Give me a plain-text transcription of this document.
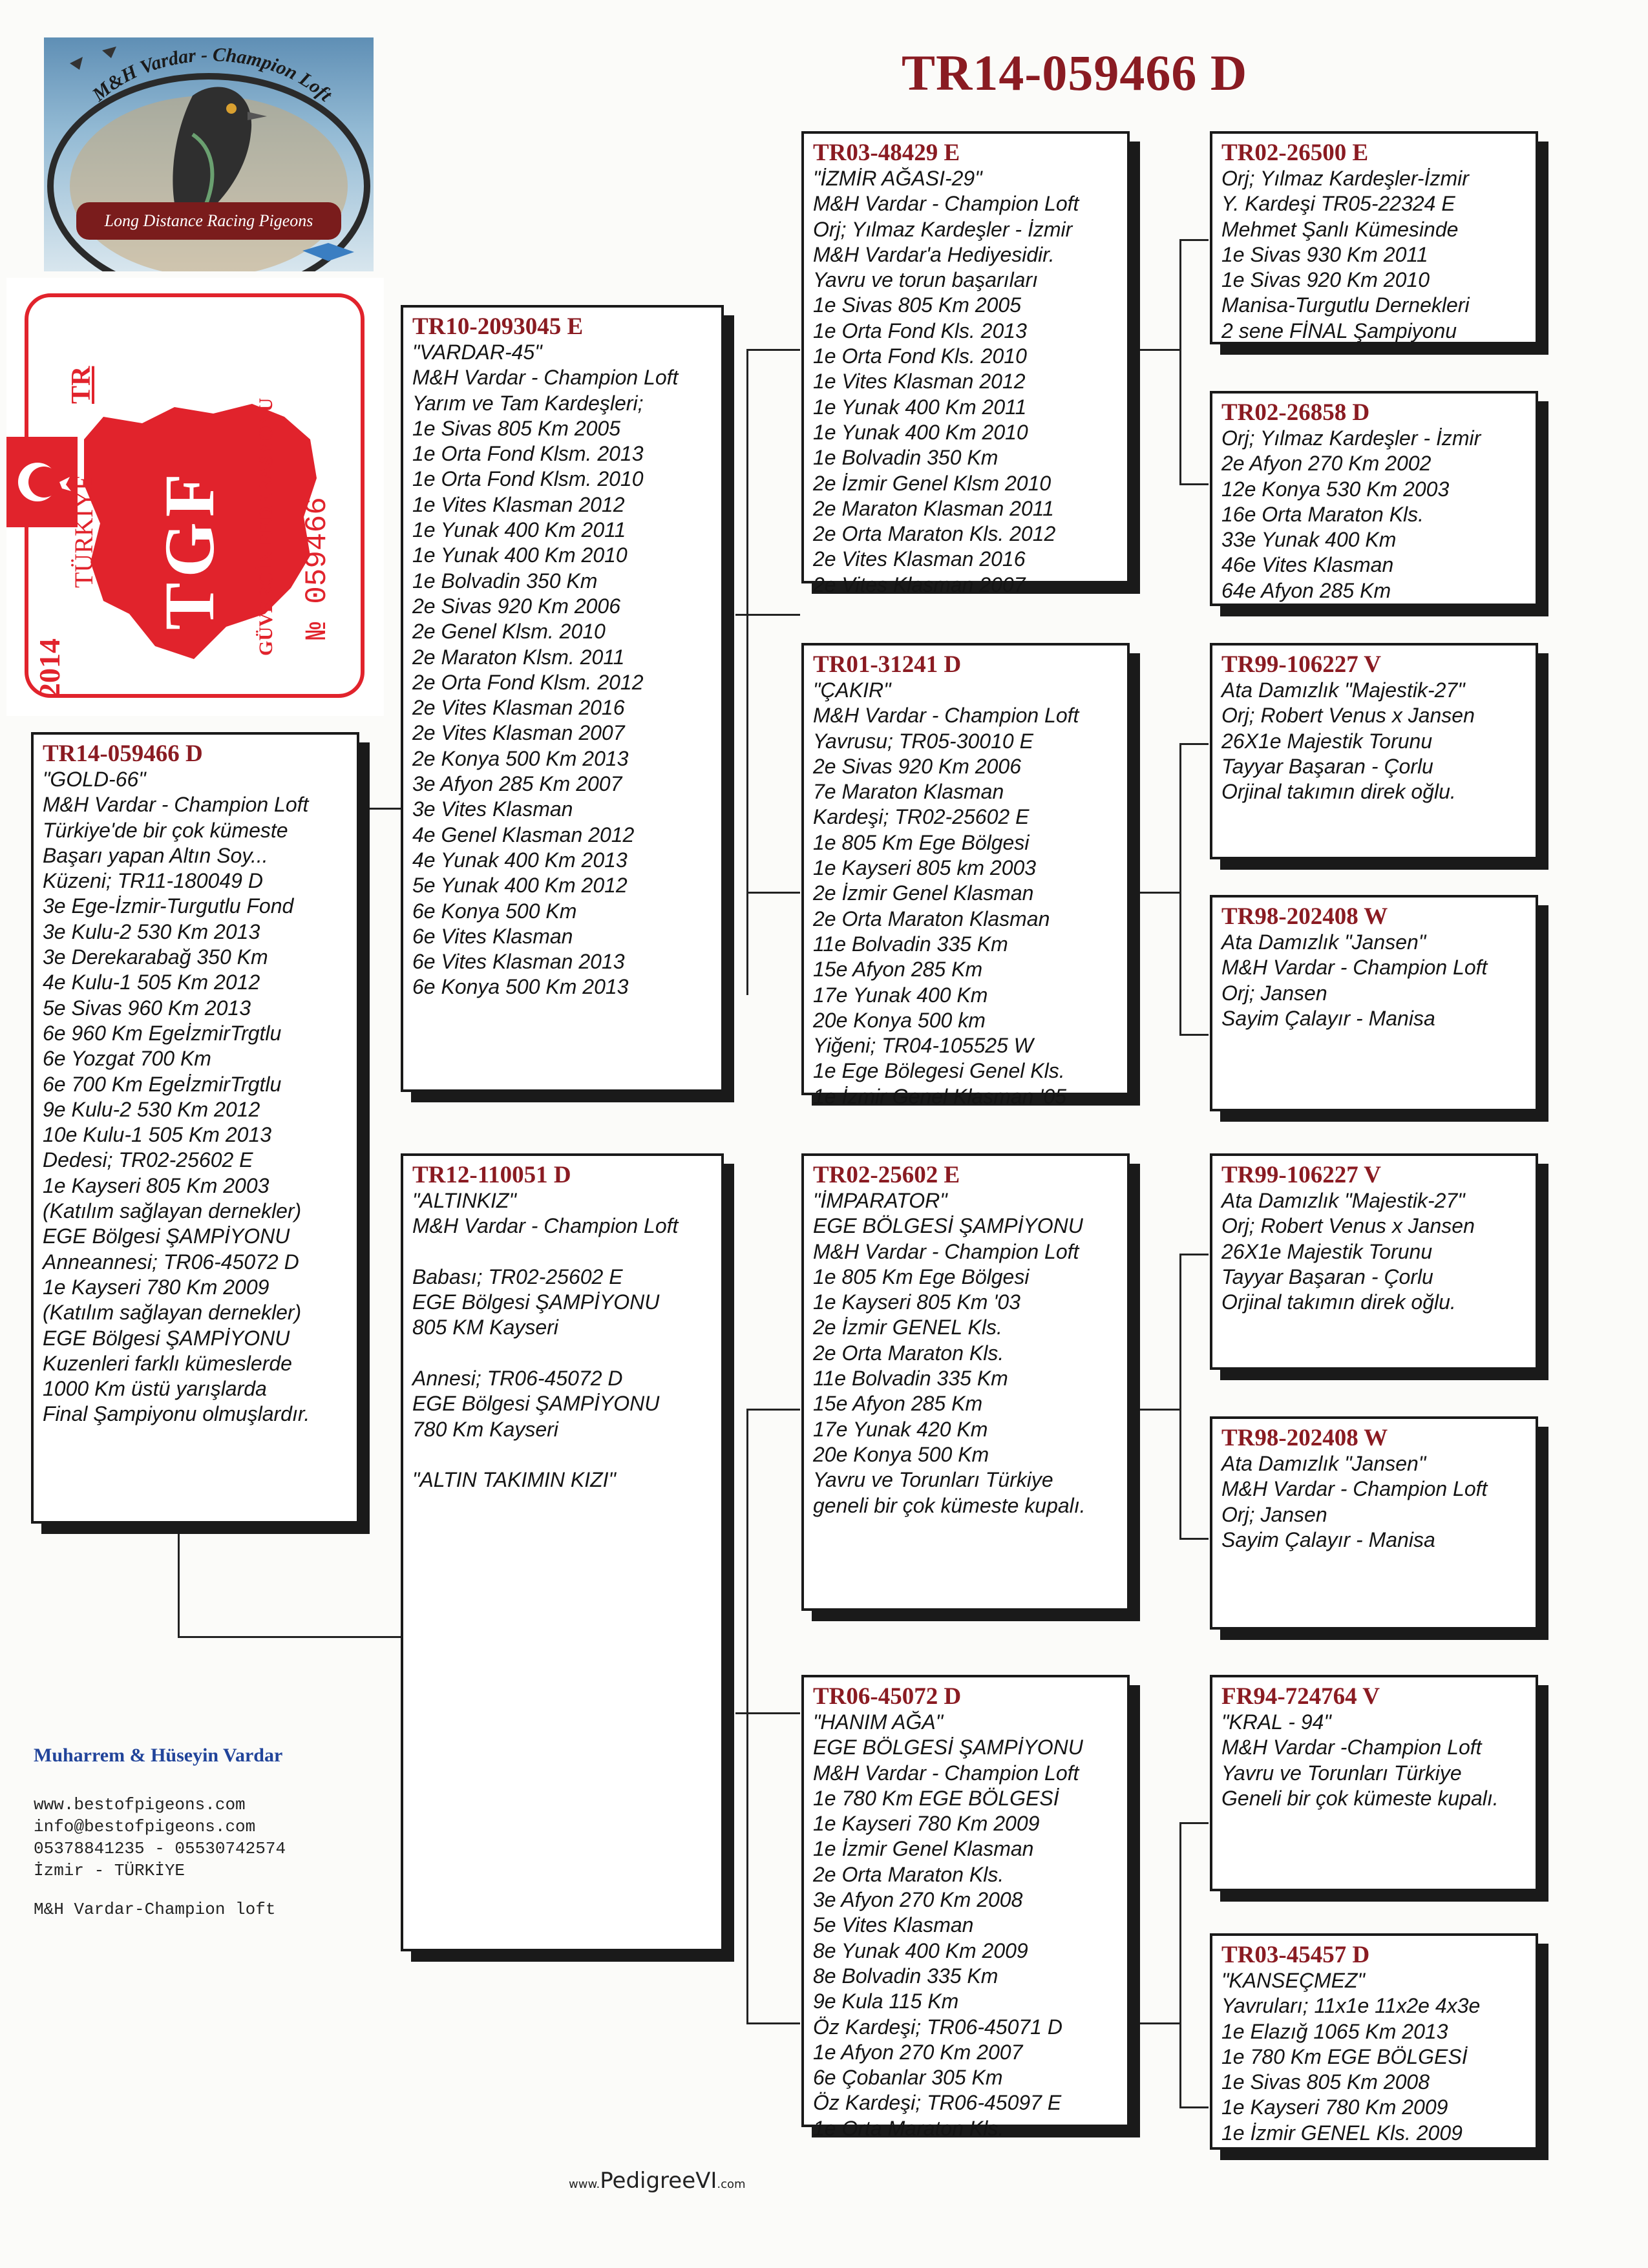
TR14-059466 D
Long Distance Racing Pigeons
M&H Vardar - Champion Loft
2014
TÜRKİYE
TR
TGF GÜVERCİN FEDERASYONU № 059466
TR14-059466 D
"GOLD-66"
M&H Vardar - Champion Loft
Türkiye'de bir çok kümeste
Başarı yapan Altın Soy...
Küzeni; TR11-180049 D
3e Ege-İzmir-Turgutlu Fond
3e Kulu-2 530 Km 2013
3e Derekarabağ 350 Km
4e Kulu-1 505 Km 2012
5e Sivas 960 Km 2013
6e 960 Km EgeİzmirTrgtlu
6e Yozgat 700 Km
6e 700 Km EgeİzmirTrgtlu
9e Kulu-2 530 Km 2012
10e Kulu-1 505 Km 2013
Dedesi; TR02-25602 E
1e Kayseri 805 Km 2003
(Katılım sağlayan dernekler)
EGE Bölgesi ŞAMPİYONU
Anneannesi; TR06-45072 D
1e Kayseri 780 Km 2009
(Katılım sağlayan dernekler)
EGE Bölgesi ŞAMPİYONU
Kuzenleri farklı kümeslerde
1000 Km üstü yarışlarda
Final Şampiyonu olmuşlardır.
TR10-2093045 E
"VARDAR-45"
M&H Vardar - Champion Loft
Yarım ve Tam Kardeşleri;
1e Sivas 805 Km 2005
1e Orta Fond Klsm. 2013
1e Orta Fond Klsm. 2010
1e Vites Klasman 2012
1e Yunak 400 Km 2011
1e Yunak 400 Km 2010
1e Bolvadin 350 Km
2e Sivas 920 Km 2006
2e Genel Klsm. 2010
2e Maraton Klsm. 2011
2e Orta Fond Klsm. 2012
2e Vites Klasman 2016
2e Vites Klasman 2007
2e Konya 500 Km 2013
3e Afyon 285 Km 2007
3e Vites Klasman
4e Genel Klasman 2012
4e Yunak 400 Km 2013
5e Yunak 400 Km 2012
6e Konya 500 Km
6e Vites Klasman
6e Vites Klasman 2013
6e Konya 500 Km 2013
TR12-110051 D
"ALTINKIZ"
M&H Vardar - Champion Loft

Babası; TR02-25602 E
EGE Bölgesi ŞAMPİYONU
805 KM Kayseri

Annesi; TR06-45072 D
EGE Bölgesi ŞAMPİYONU
780 Km Kayseri

"ALTIN TAKIMIN KIZI"
TR03-48429 E
"İZMİR AĞASI-29"
M&H Vardar - Champion Loft
Orj; Yılmaz Kardeşler - İzmir
M&H Vardar'a Hediyesidir.
Yavru ve torun başarıları
1e Sivas 805 Km 2005
1e Orta Fond Kls. 2013
1e Orta Fond Kls. 2010
1e Vites Klasman 2012
1e Yunak 400 Km 2011
1e Yunak 400 Km 2010
1e Bolvadin 350 Km
2e İzmir Genel Klsm 2010
2e Maraton Klasman 2011
2e Orta Maraton Kls. 2012
2e Vites Klasman 2016
2e Vites Klasman 2007
TR01-31241 D
"ÇAKIR"
M&H Vardar - Champion Loft
Yavrusu; TR05-30010 E
2e Sivas 920 Km 2006
7e Maraton Klasman
Kardeşi; TR02-25602 E
1e 805 Km Ege Bölgesi
1e Kayseri 805 km 2003
2e İzmir Genel Klasman
2e Orta Maraton Klasman
11e Bolvadin 335 Km
15e Afyon 285 Km
17e Yunak 400 Km
20e Konya 500 km
Yiğeni; TR04-105525 W
1e Ege Bölegesi Genel Kls.
1e İzmir Genel Klasman '05
TR02-25602 E
"İMPARATOR"
EGE BÖLGESİ ŞAMPİYONU
M&H Vardar - Champion Loft
1e 805 Km Ege Bölgesi
1e Kayseri 805 Km '03
2e İzmir GENEL Kls.
2e Orta Maraton Kls.
11e Bolvadin 335 Km
15e Afyon 285 Km
17e Yunak 420 Km
20e Konya 500 Km
Yavru ve Torunları Türkiye
geneli bir çok kümeste kupalı.
TR06-45072 D
"HANIM AĞA"
EGE BÖLGESİ ŞAMPİYONU
M&H Vardar - Champion Loft
1e 780 Km EGE BÖLGESİ
1e Kayseri 780 Km 2009
1e İzmir Genel Klasman
2e Orta Maraton Kls.
3e Afyon 270 Km 2008
5e Vites Klasman
8e Yunak 400 Km 2009
8e Bolvadin 335 Km
9e Kula 115 Km
Öz Kardeşi; TR06-45071 D
1e Afyon 270 Km 2007
6e Çobanlar 305 Km
Öz Kardeşi; TR06-45097 E
1e Orta Maraton Kls.
TR02-26500 E
Orj; Yılmaz Kardeşler-İzmir
Y. Kardeşi TR05-22324 E
Mehmet Şanlı Kümesinde
1e Sivas 930 Km 2011
1e Sivas 920 Km 2010
Manisa-Turgutlu Dernekleri
2 sene FİNAL Şampiyonu
TR02-26858 D
Orj; Yılmaz Kardeşler - İzmir
2e Afyon 270 Km 2002
12e Konya 530 Km 2003
16e Orta Maraton Kls.
33e Yunak 400 Km
46e Vites Klasman
64e Afyon 285 Km
TR99-106227 V
Ata Damızlık "Majestik-27"
Orj; Robert Venus x Jansen
26X1e Majestik Torunu
Tayyar Başaran - Çorlu
Orjinal takımın direk oğlu.
TR98-202408 W
Ata Damızlık "Jansen"
M&H Vardar - Champion Loft
Orj; Jansen
Sayim Çalayır - Manisa
TR99-106227 V
Ata Damızlık "Majestik-27"
Orj; Robert Venus x Jansen
26X1e Majestik Torunu
Tayyar Başaran - Çorlu
Orjinal takımın direk oğlu.
TR98-202408 W
Ata Damızlık "Jansen"
M&H Vardar - Champion Loft
Orj; Jansen
Sayim Çalayır - Manisa
FR94-724764 V
"KRAL - 94"
M&H Vardar -Champion Loft
Yavru ve Torunları Türkiye
Geneli bir çok kümeste kupalı.
TR03-45457 D
"KANSEÇMEZ"
Yavruları; 11x1e 11x2e 4x3e
1e Elazığ 1065 Km 2013
1e 780 Km EGE BÖLGESİ
1e Sivas 805 Km 2008
1e Kayseri 780 Km 2009
1e İzmir GENEL Kls. 2009
Muharrem & Hüseyin Vardar
www.bestofpigeons.com
info@bestofpigeons.com
05378841235 - 05530742574
İzmir - TÜRKİYE
M&H Vardar-Champion loft
www.PedigreeVI.com
